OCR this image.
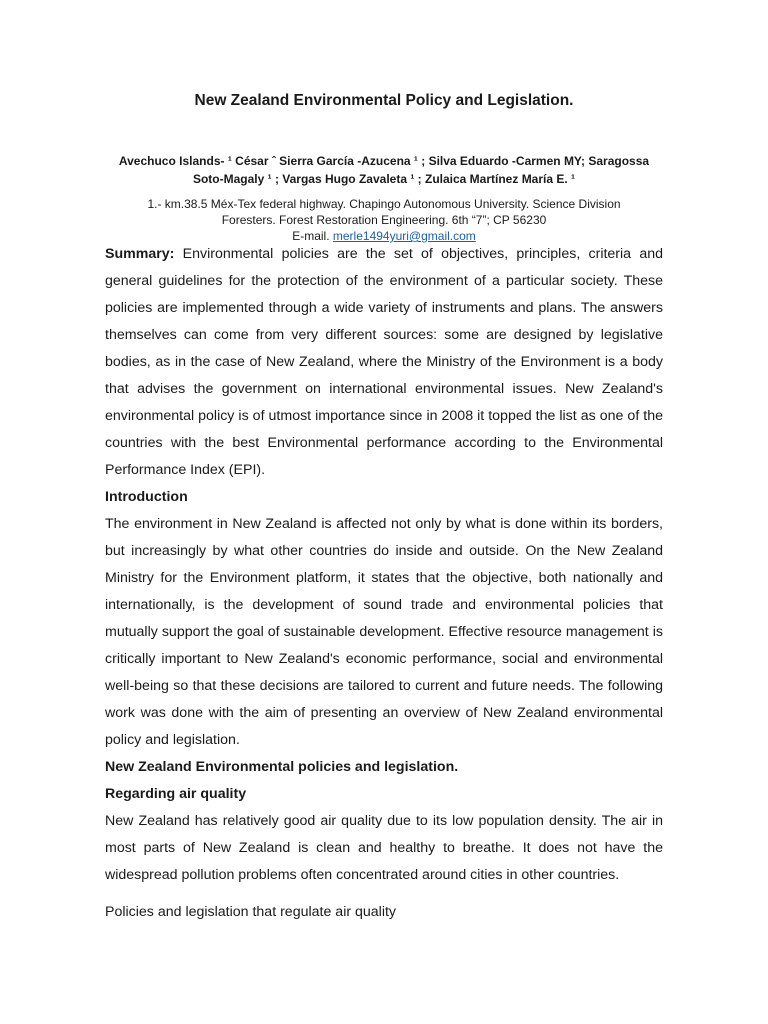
New Zealand Environmental Policy and Legislation.

Avechuco Islands- ¹ César ˆ Sierra García -Azucena ¹ ; Silva Eduardo -Carmen MY; Saragossa
Soto-Magaly ¹ ; Vargas Hugo Zavaleta ¹ ; Zulaica Martínez María E. ¹

1.- km.38.5 Méx-Tex federal highway. Chapingo Autonomous University. Science Division
Foresters. Forest Restoration Engineering. 6th “7”; CP 56230
E-mail. merle1494yuri@gmail.com

Summary: Environmental policies are the set of objectives, principles, criteria and general guidelines for the protection of the environment of a particular society. These policies are implemented through a wide variety of instruments and plans. The answers themselves can come from very different sources: some are designed by legislative bodies, as in the case of New Zealand, where the Ministry of the Environment is a body that advises the government on international environmental issues. New Zealand's environmental policy is of utmost importance since in 2008 it topped the list as one of the countries with the best Environmental performance according to the Environmental Performance Index (EPI).

Introduction

The environment in New Zealand is affected not only by what is done within its borders, but increasingly by what other countries do inside and outside. On the New Zealand Ministry for the Environment platform, it states that the objective, both nationally and internationally, is the development of sound trade and environmental policies that mutually support the goal of sustainable development. Effective resource management is critically important to New Zealand's economic performance, social and environmental well-being so that these decisions are tailored to current and future needs. The following work was done with the aim of presenting an overview of New Zealand environmental policy and legislation.

New Zealand Environmental policies and legislation.

Regarding air quality

New Zealand has relatively good air quality due to its low population density. The air in most parts of New Zealand is clean and healthy to breathe. It does not have the widespread pollution problems often concentrated around cities in other countries.

Policies and legislation that regulate air quality
